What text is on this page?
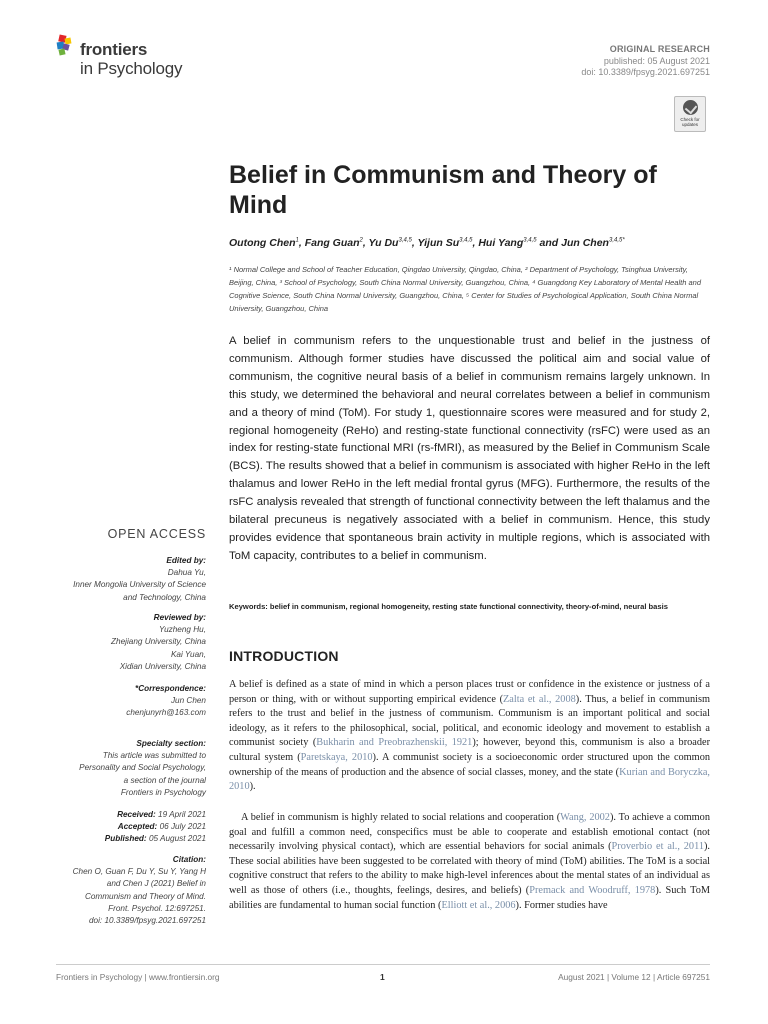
frontiers
in Psychology
ORIGINAL RESEARCH
published: 05 August 2021
doi: 10.3389/fpsyg.2021.697251
Check for updates
Belief in Communism and Theory of Mind
Outong Chen$^1$, Fang Guan$^2$, Yu Du$^{3,4,5}$, Yijun Su$^{3,4,5}$, Hui Yang$^{3,4,5}$ and Jun Chen$^{3,4,5*}$
¹ Normal College and School of Teacher Education, Qingdao University, Qingdao, China, ² Department of Psychology, Tsinghua University, Beijing, China, ³ School of Psychology, South China Normal University, Guangzhou, China, ⁴ Guangdong Key Laboratory of Mental Health and Cognitive Science, South China Normal University, Guangzhou, China, ⁵ Center for Studies of Psychological Application, South China Normal University, Guangzhou, China
A belief in communism refers to the unquestionable trust and belief in the justness of communism. Although former studies have discussed the political aim and social value of communism, the cognitive neural basis of a belief in communism remains largely unknown. In this study, we determined the behavioral and neural correlates between a belief in communism and a theory of mind (ToM). For study 1, questionnaire scores were measured and for study 2, regional homogeneity (ReHo) and resting-state functional connectivity (rsFC) were used as an index for resting-state functional MRI (rs-fMRI), as measured by the Belief in Communism Scale (BCS). The results showed that a belief in communism is associated with higher ReHo in the left thalamus and lower ReHo in the left medial frontal gyrus (MFG). Furthermore, the results of the rsFC analysis revealed that strength of functional connectivity between the left thalamus and the bilateral precuneus is negatively associated with a belief in communism. Hence, this study provides evidence that spontaneous brain activity in multiple regions, which is associated with ToM capacity, contributes to a belief in communism.
Keywords: belief in communism, regional homogeneity, resting state functional connectivity, theory-of-mind, neural basis
INTRODUCTION

A belief is defined as a state of mind in which a person places trust or confidence in the existence or justness of a person or thing, with or without supporting empirical evidence (Zalta et al., 2008). Thus, a belief in communism refers to the trust and belief in the justness of communism. Communism is an important political and social ideology, as it refers to the philosophical, social, political, and economic ideology and movement to establish a communist society (Bukharin and Preobrazhenskii, 1921); however, beyond this, communism is also a broader cultural system (Paretskaya, 2010). A communist society is a socioeconomic order structured upon the common ownership of the means of production and the absence of social classes, money, and the state (Kurian and Boryczka, 2010).

A belief in communism is highly related to social relations and cooperation (Wang, 2002). To achieve a common goal and fulfill a common need, conspecifics must be able to cooperate and establish emotional contact (not necessarily involving physical contact), which are essential behaviors for social animals (Proverbio et al., 2011). These social abilities have been suggested to be correlated with theory of mind (ToM) abilities. The ToM is a social cognitive construct that refers to the ability to make high-level inferences about the mental states of an individual as well as those of others (i.e., thoughts, feelings, desires, and beliefs) (Premack and Woodruff, 1978). Such ToM abilities are fundamental to human social function (Elliott et al., 2006). Former studies have

OPEN ACCESS
Edited by:
Dahua Yu,
Inner Mongolia University of Science
and Technology, China
Reviewed by:
Yuzheng Hu,
Zhejiang University, China
Kai Yuan,
Xidian University, China
*Correspondence:
Jun Chen
chenjunyrh@163.com
Specialty section:
This article was submitted to
Personality and Social Psychology,
a section of the journal
Frontiers in Psychology
Received: 19 April 2021
Accepted: 06 July 2021
Published: 05 August 2021
Citation:
Chen O, Guan F, Du Y, Su Y, Yang H
and Chen J (2021) Belief in
Communism and Theory of Mind.
Front. Psychol. 12:697251.
doi: 10.3389/fpsyg.2021.697251
Frontiers in Psychology | www.frontiersin.org	1	August 2021 | Volume 12 | Article 697251
